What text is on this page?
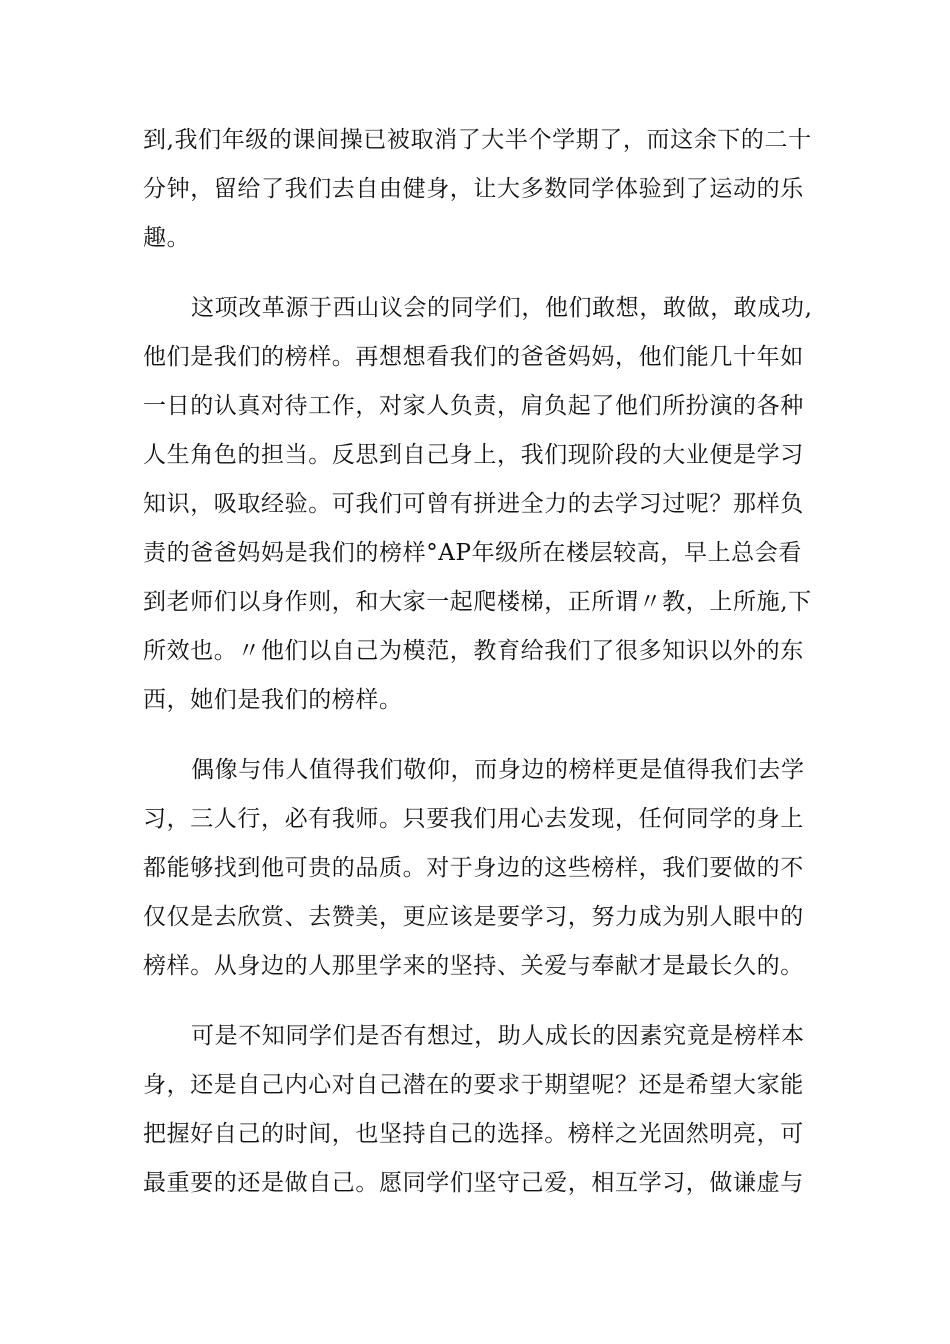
到,我们年级的课间操已被取消了大半个学期了，而这余下的二十
分钟，留给了我们去自由健身，让大多数同学体验到了运动的乐
趣。
这项改革源于西山议会的同学们，他们敢想，敢做，敢成功,
他们是我们的榜样。再想想看我们的爸爸妈妈，他们能几十年如
一日的认真对待工作，对家人负责，肩负起了他们所扮演的各种
人生角色的担当。反思到自己身上，我们现阶段的大业便是学习
知识，吸取经验。可我们可曾有拼进全力的去学习过呢？那样负
责的爸爸妈妈是我们的榜样°AP年级所在楼层较高，早上总会看
到老师们以身作则，和大家一起爬楼梯，正所谓〃教，上所施,下
所效也。〃他们以自己为模范，教育给我们了很多知识以外的东
西，她们是我们的榜样。
偶像与伟人值得我们敬仰，而身边的榜样更是值得我们去学
习，三人行，必有我师。只要我们用心去发现，任何同学的身上
都能够找到他可贵的品质。对于身边的这些榜样，我们要做的不
仅仅是去欣赏、去赞美，更应该是要学习，努力成为别人眼中的
榜样。从身边的人那里学来的坚持、关爱与奉献才是最长久的。
可是不知同学们是否有想过，助人成长的因素究竟是榜样本
身，还是自己内心对自己潜在的要求于期望呢？还是希望大家能
把握好自己的时间，也坚持自己的选择。榜样之光固然明亮，可
最重要的还是做自己。愿同学们坚守己爱，相互学习，做谦虚与
